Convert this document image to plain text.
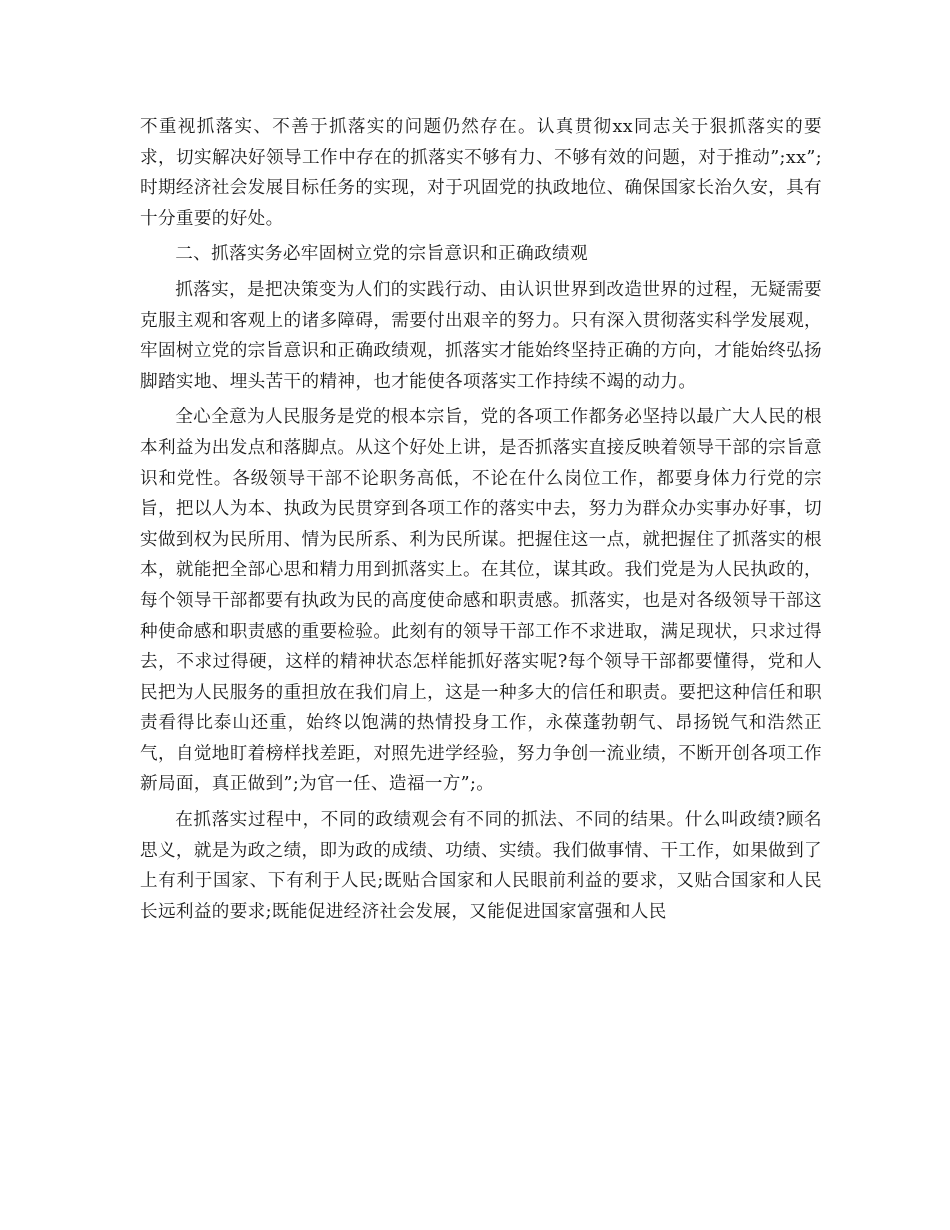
不重视抓落实、不善于抓落实的问题仍然存在。认真贯彻xx同志关于狠抓落实的要求，切实解决好领导工作中存在的抓落实不够有力、不够有效的问题，对于推动”;xx”;时期经济社会发展目标任务的实现，对于巩固党的执政地位、确保国家长治久安，具有十分重要的好处。

二、抓落实务必牢固树立党的宗旨意识和正确政绩观

抓落实，是把决策变为人们的实践行动、由认识世界到改造世界的过程，无疑需要克服主观和客观上的诸多障碍，需要付出艰辛的努力。只有深入贯彻落实科学发展观，牢固树立党的宗旨意识和正确政绩观，抓落实才能始终坚持正确的方向，才能始终弘扬脚踏实地、埋头苦干的精神，也才能使各项落实工作持续不竭的动力。

全心全意为人民服务是党的根本宗旨，党的各项工作都务必坚持以最广大人民的根本利益为出发点和落脚点。从这个好处上讲，是否抓落实直接反映着领导干部的宗旨意识和党性。各级领导干部不论职务高低，不论在什么岗位工作，都要身体力行党的宗旨，把以人为本、执政为民贯穿到各项工作的落实中去，努力为群众办实事办好事，切实做到权为民所用、情为民所系、利为民所谋。把握住这一点，就把握住了抓落实的根本，就能把全部心思和精力用到抓落实上。在其位，谋其政。我们党是为人民执政的，每个领导干部都要有执政为民的高度使命感和职责感。抓落实，也是对各级领导干部这种使命感和职责感的重要检验。此刻有的领导干部工作不求进取，满足现状，只求过得去，不求过得硬，这样的精神状态怎样能抓好落实呢?每个领导干部都要懂得，党和人民把为人民服务的重担放在我们肩上，这是一种多大的信任和职责。要把这种信任和职责看得比泰山还重，始终以饱满的热情投身工作，永葆蓬勃朝气、昂扬锐气和浩然正气，自觉地盯着榜样找差距，对照先进学经验，努力争创一流业绩，不断开创各项工作新局面，真正做到”;为官一任、造福一方”;。

在抓落实过程中，不同的政绩观会有不同的抓法、不同的结果。什么叫政绩?顾名思义，就是为政之绩，即为政的成绩、功绩、实绩。我们做事情、干工作，如果做到了上有利于国家、下有利于人民;既贴合国家和人民眼前利益的要求，又贴合国家和人民长远利益的要求;既能促进经济社会发展，又能促进国家富强和人民
